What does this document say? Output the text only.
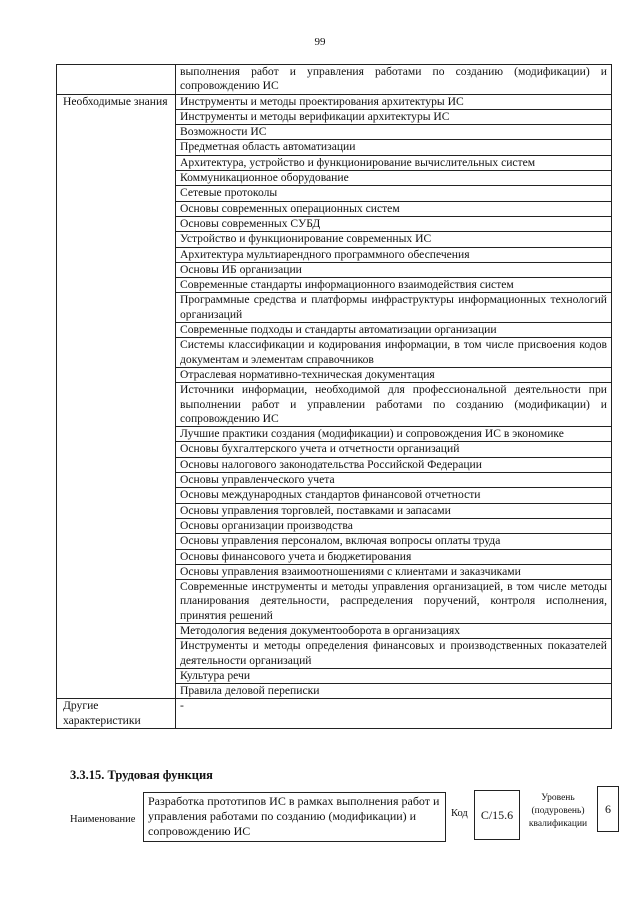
99
	выполнения работ и управления работами по созданию (модификации) и сопровождению ИС
Необходимые знания	Инструменты и методы проектирования архитектуры ИС
	Инструменты и методы верификации архитектуры ИС
	Возможности ИС
	Предметная область автоматизации
	Архитектура, устройство и функционирование вычислительных систем
	Коммуникационное оборудование
	Сетевые протоколы
	Основы современных операционных систем
	Основы современных СУБД
	Устройство и функционирование современных ИС
	Архитектура мультиарендного программного обеспечения
	Основы ИБ организации
	Современные стандарты информационного взаимодействия систем
	Программные средства и платформы инфраструктуры информационных технологий организаций
	Современные подходы и стандарты автоматизации организации
	Системы классификации и кодирования информации, в том числе присвоения кодов документам и элементам справочников
	Отраслевая нормативно-техническая документация
	Источники информации, необходимой для профессиональной деятельности при выполнении работ и управлении работами по созданию (модификации) и сопровождению ИС
	Лучшие практики создания (модификации) и сопровождения ИС в экономике
	Основы бухгалтерского учета и отчетности организаций
	Основы налогового законодательства Российской Федерации
	Основы управленческого учета
	Основы международных стандартов финансовой отчетности
	Основы управления торговлей, поставками и запасами
	Основы организации производства
	Основы управления персоналом, включая вопросы оплаты труда
	Основы финансового учета и бюджетирования
	Основы управления взаимоотношениями с клиентами и заказчиками
	Современные инструменты и методы управления организацией, в том числе методы планирования деятельности, распределения поручений, контроля исполнения, принятия решений
	Методология ведения документооборота в организациях
	Инструменты и методы определения финансовых и производственных показателей деятельности организаций
	Культура речи
	Правила деловой переписки
Другие характеристики	-
3.3.15. Трудовая функция
Наименование
Разработка прототипов ИС в рамках выполнения работ и управления работами по созданию (модификации) и сопровождению ИС
Код	C/15.6
Уровень (подуровень) квалификации
6
